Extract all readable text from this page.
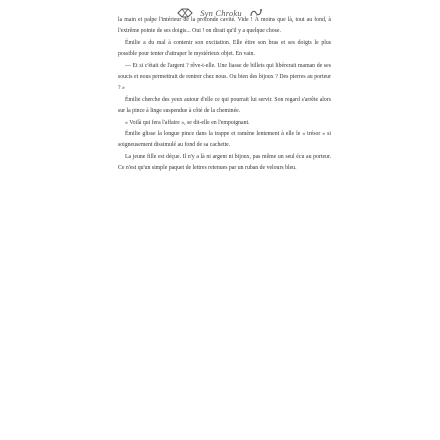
Syn Chroku

la main et palpe l'intérieur de la profonde cavité. Vide ! À moins que là, tout au fond, à l'extrême pointe de ses doigts... Oui ! on dirait qu'il y a quelque chose.

Émilie a du mal à contenir son excitation. Elle étire son bras et ses doigts le plus possible pour tenter d'attraper le mystérieux objet. En vain.

— Et si c'était de l'argent ? rêve-t-elle. Une liasse de billets qui libérerait maman de ses soucis et nous permettrait de rentrer chez nous. Ou bien des bijoux ? Des pierres au porteur ? »

Émilie cherche des yeux autour d'elle ce qui pourrait lui servir. Son regard s'arrête alors sur la pince à linge suspendue à côté de la cheminée.

« Voilà qui fera l'affaire », se dit-elle en l'empoignant.

Émilie glisse la longue pince dans la trappe et ramène lentement à elle le « trésor » si soigneusement dissimulé au fond de sa cachette.

La jeune fille est déçue. Il n'y a là ni argent ni bijoux, pas même un seul écu au porteur. Ce n'est qu'un simple paquet de lettres retenues par un ruban de velours bleu.
